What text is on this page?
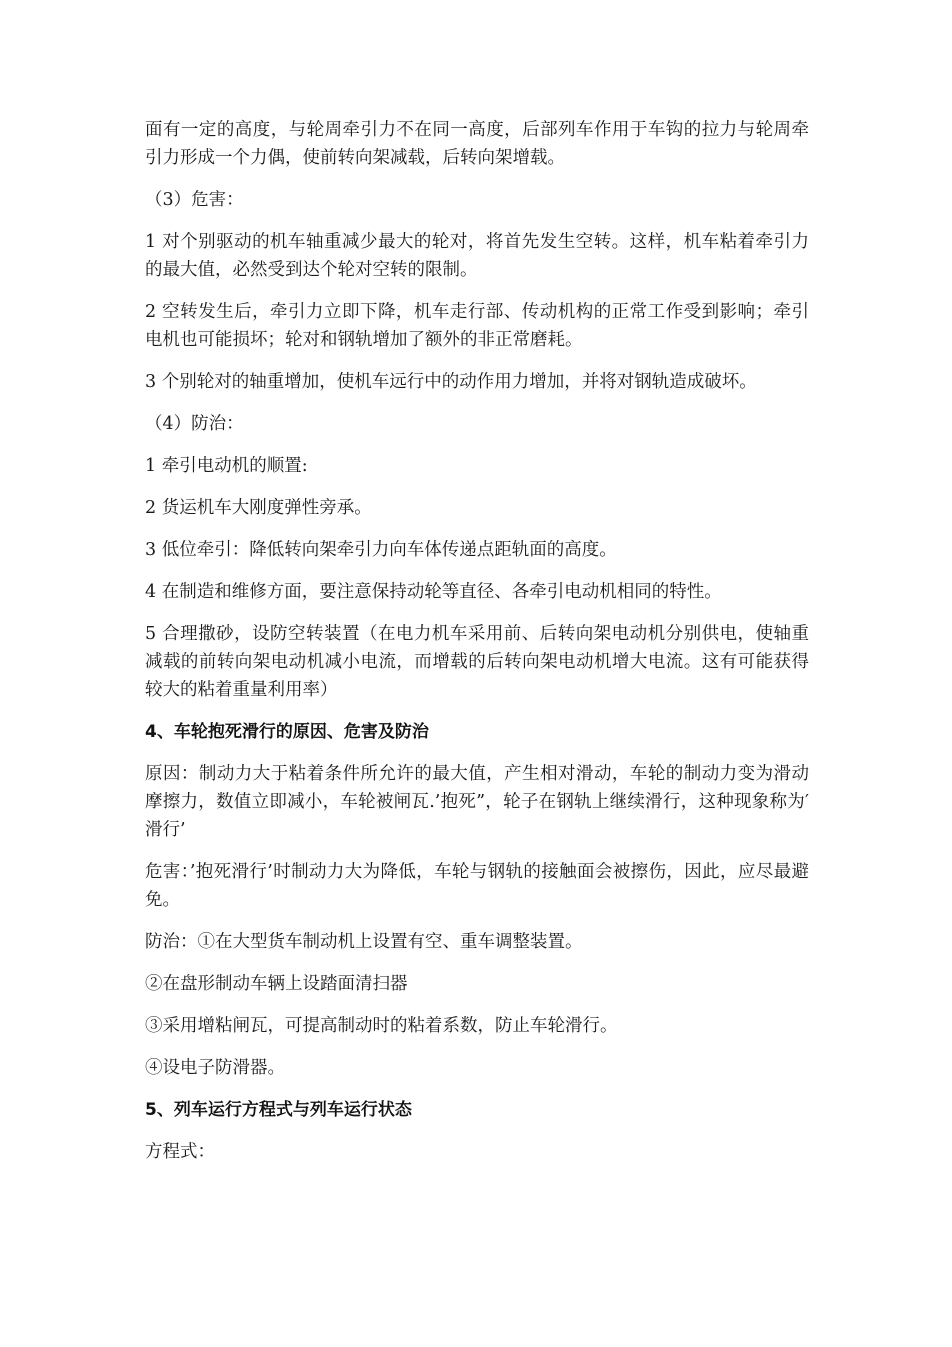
面有一定的高度，与轮周牵引力不在同一高度，后部列车作用于车钩的拉力与轮周牵引力形成一个力偶，使前转向架减载，后转向架增载。

（3）危害：

1 对个别驱动的机车轴重减少最大的轮对，将首先发生空转。这样，机车粘着牵引力的最大值，必然受到达个轮对空转的限制。

2 空转发生后，牵引力立即下降，机车走行部、传动机构的正常工作受到影响；牵引电机也可能损坏；轮对和钢轨增加了额外的非正常磨耗。

3 个别轮对的轴重增加，使机车远行中的动作用力增加，并将对钢轨造成破坏。

（4）防治：

1 牵引电动机的顺置:

2 货运机车大刚度弹性旁承。

3 低位牵引：降低转向架牵引力向车体传递点距轨面的高度。

4 在制造和维修方面，要注意保持动轮等直径、各牵引电动机相同的特性。

5 合理撒砂，设防空转装置（在电力机车采用前、后转向架电动机分别供电，使轴重减载的前转向架电动机减小电流，而增载的后转向架电动机增大电流。这有可能获得较大的粘着重量利用率）

4、车轮抱死滑行的原因、危害及防治

原因：制动力大于粘着条件所允许的最大值，产生相对滑动，车轮的制动力变为滑动摩擦力，数值立即减小，车轮被闸瓦.’抱死”，轮子在钢轨上继续滑行，这种现象称为′滑行’

危害：’抱死滑行’时制动力大为降低，车轮与钢轨的接触面会被擦伤，因此，应尽最避免。

防治：①在大型货车制动机上设置有空、重车调整装置。

②在盘形制动车辆上设踏面清扫器

③采用增粘闸瓦，可提高制动时的粘着系数，防止车轮滑行。

④设电子防滑器。

5、列车运行方程式与列车运行状态

方程式：
